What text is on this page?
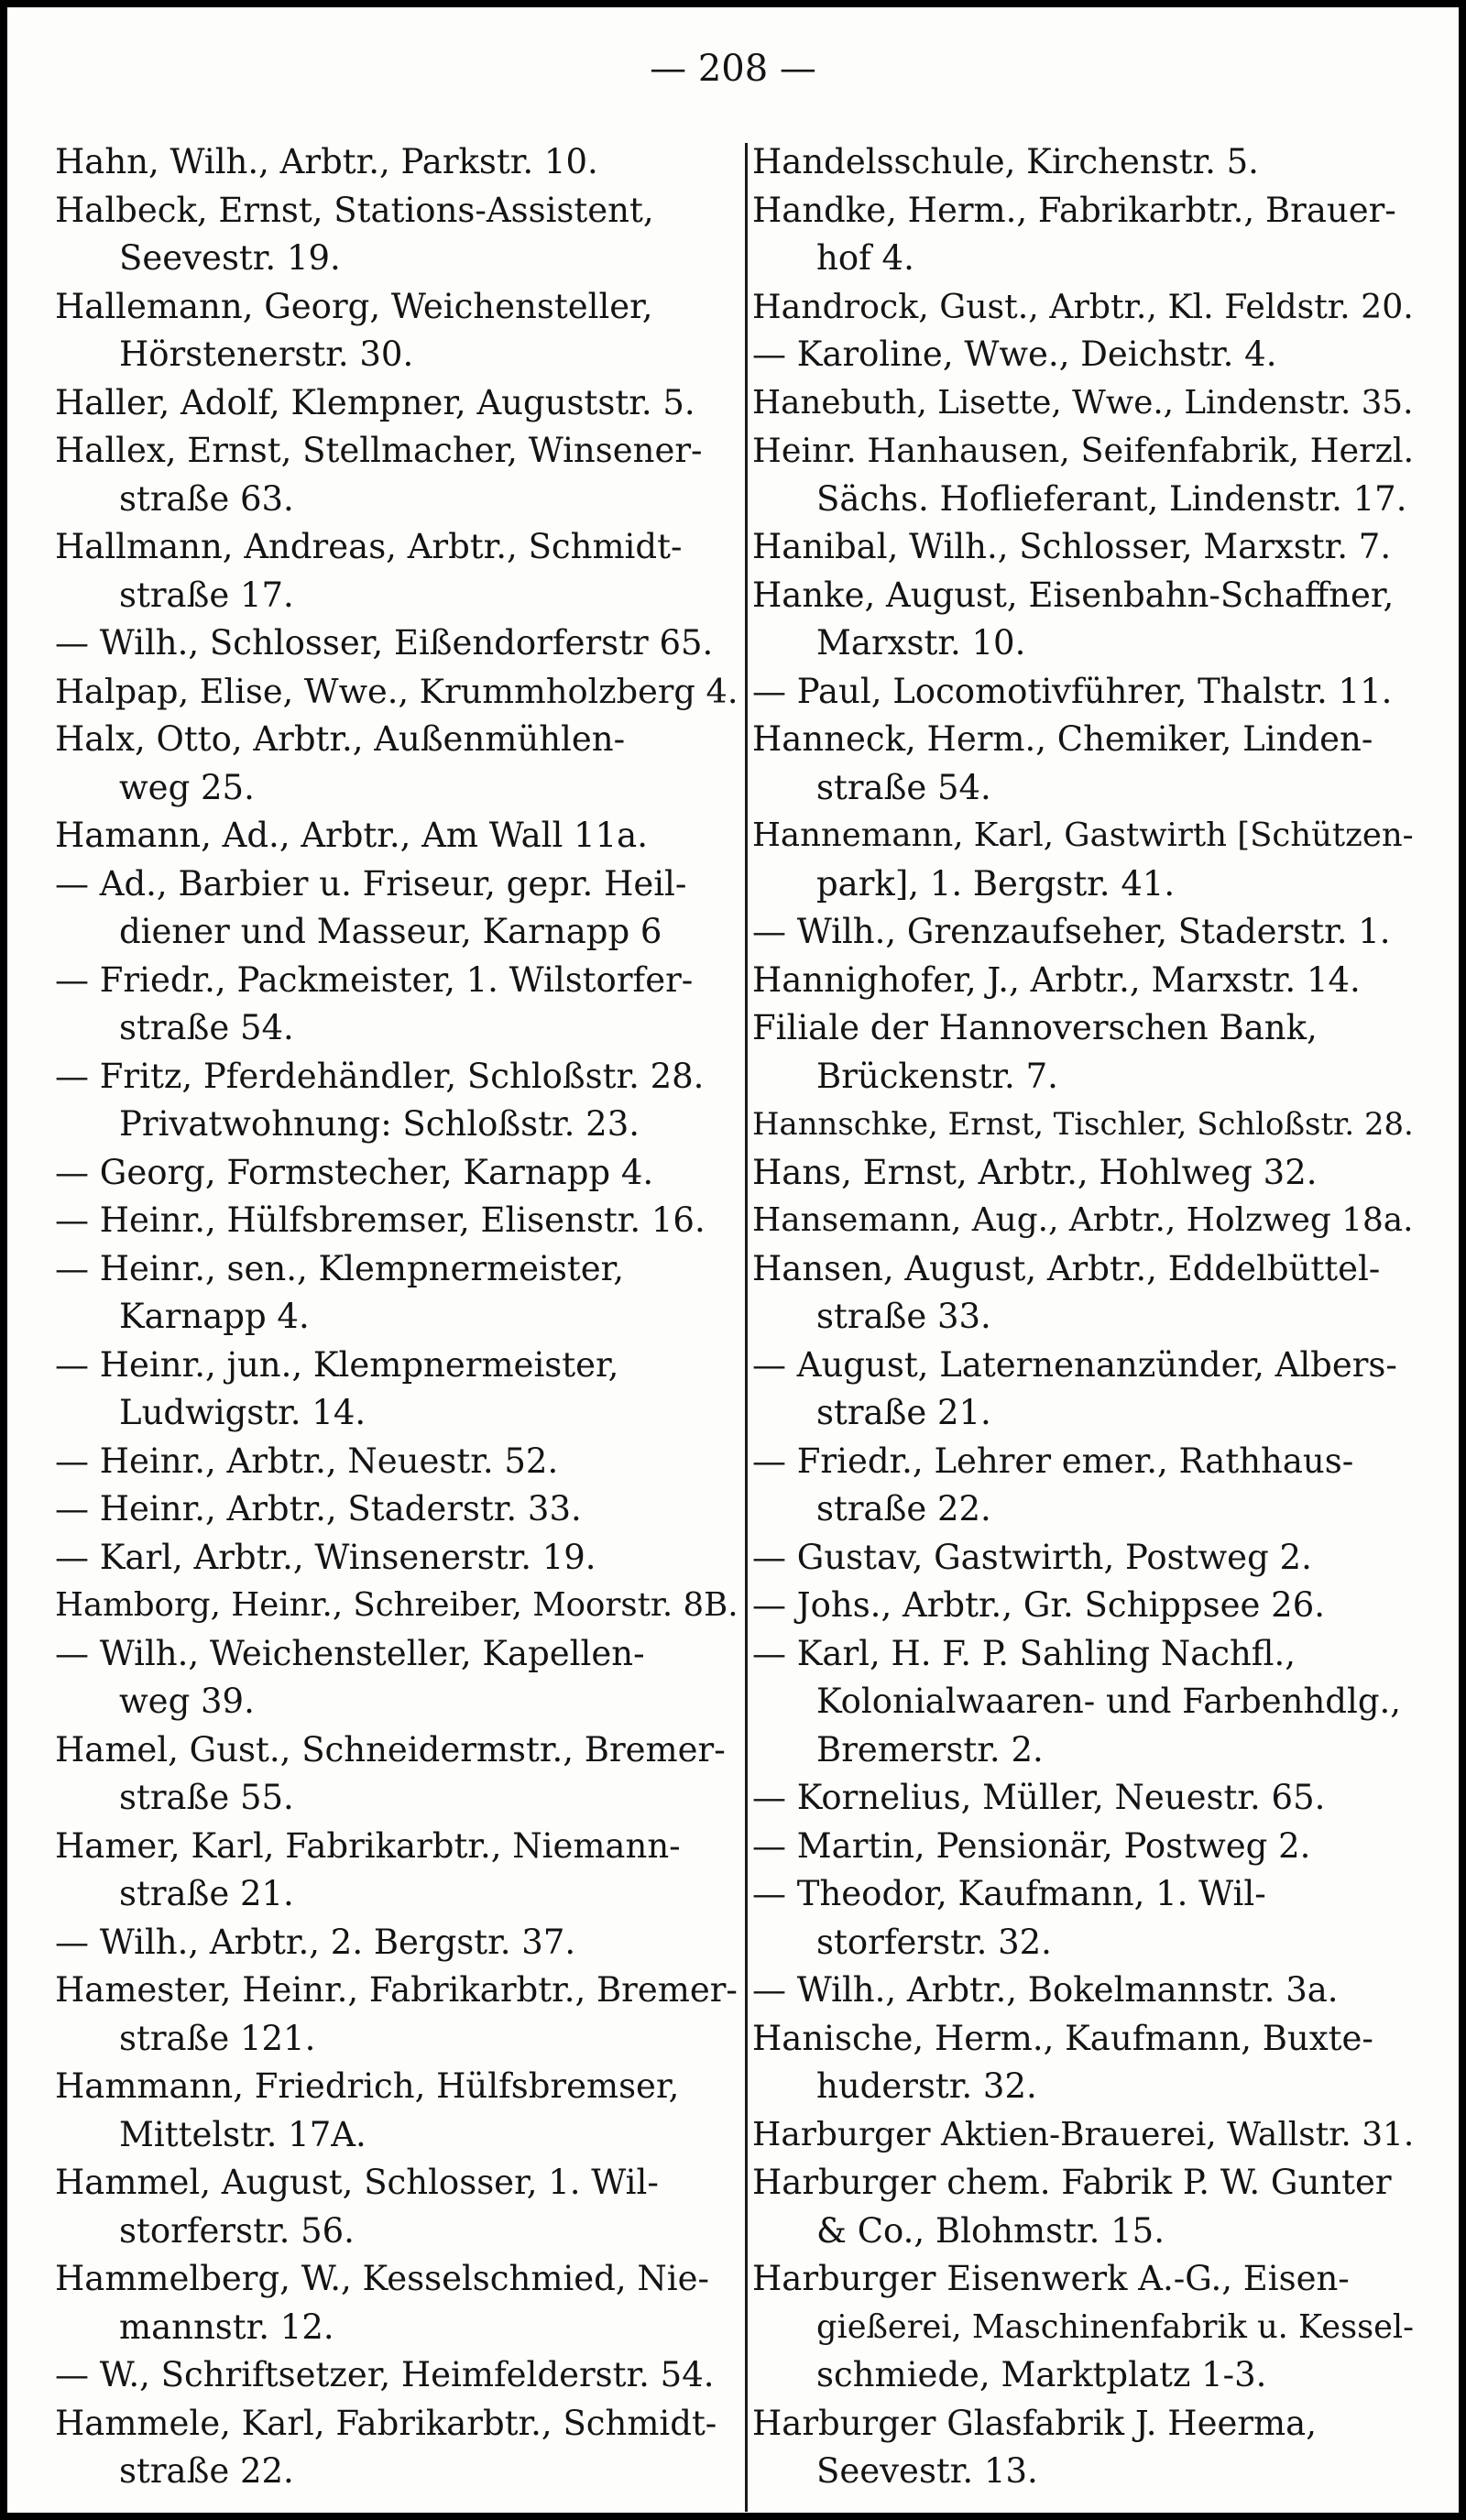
— 208 —
Hahn, Wilh., Arbtr., Parkstr. 10.
Halbeck, Ernst, Stations-Assistent,
Seevestr. 19.
Hallemann, Georg, Weichensteller,
Hörstenerstr. 30.
Haller, Adolf, Klempner, Auguststr. 5.
Hallex, Ernst, Stellmacher, Winsener-
straße 63.
Hallmann, Andreas, Arbtr., Schmidt-
straße 17.
— Wilh., Schlosser, Eißendorferstr 65.
Halpap, Elise, Wwe., Krummholzberg 4.
Halx, Otto, Arbtr., Außenmühlen-
weg 25.
Hamann, Ad., Arbtr., Am Wall 11a.
— Ad., Barbier u. Friseur, gepr. Heil-
diener und Masseur, Karnapp 6
— Friedr., Packmeister, 1. Wilstorfer-
straße 54.
— Fritz, Pferdehändler, Schloßstr. 28.
Privatwohnung: Schloßstr. 23.
— Georg, Formstecher, Karnapp 4.
— Heinr., Hülfsbremser, Elisenstr. 16.
— Heinr., sen., Klempnermeister,
Karnapp 4.
— Heinr., jun., Klempnermeister,
Ludwigstr. 14.
— Heinr., Arbtr., Neuestr. 52.
— Heinr., Arbtr., Staderstr. 33.
— Karl, Arbtr., Winsenerstr. 19.
Hamborg, Heinr., Schreiber, Moorstr. 8B.
— Wilh., Weichensteller, Kapellen-
weg 39.
Hamel, Gust., Schneidermstr., Bremer-
straße 55.
Hamer, Karl, Fabrikarbtr., Niemann-
straße 21.
— Wilh., Arbtr., 2. Bergstr. 37.
Hamester, Heinr., Fabrikarbtr., Bremer-
straße 121.
Hammann, Friedrich, Hülfsbremser,
Mittelstr. 17A.
Hammel, August, Schlosser, 1. Wil-
storferstr. 56.
Hammelberg, W., Kesselschmied, Nie-
mannstr. 12.
— W., Schriftsetzer, Heimfelderstr. 54.
Hammele, Karl, Fabrikarbtr., Schmidt-
straße 22.
Handelsschule, Kirchenstr. 5.
Handke, Herm., Fabrikarbtr., Brauer-
hof 4.
Handrock, Gust., Arbtr., Kl. Feldstr. 20.
— Karoline, Wwe., Deichstr. 4.
Hanebuth, Lisette, Wwe., Lindenstr. 35.
Heinr. Hanhausen, Seifenfabrik, Herzl.
Sächs. Hoflieferant, Lindenstr. 17.
Hanibal, Wilh., Schlosser, Marxstr. 7.
Hanke, August, Eisenbahn-Schaffner,
Marxstr. 10.
— Paul, Locomotivführer, Thalstr. 11.
Hanneck, Herm., Chemiker, Linden-
straße 54.
Hannemann, Karl, Gastwirth [Schützen-
park], 1. Bergstr. 41.
— Wilh., Grenzaufseher, Staderstr. 1.
Hannighofer, J., Arbtr., Marxstr. 14.
Filiale der Hannoverschen Bank,
Brückenstr. 7.
Hannschke, Ernst, Tischler, Schloßstr. 28.
Hans, Ernst, Arbtr., Hohlweg 32.
Hansemann, Aug., Arbtr., Holzweg 18a.
Hansen, August, Arbtr., Eddelbüttel-
straße 33.
— August, Laternenanzünder, Albers-
straße 21.
— Friedr., Lehrer emer., Rathhaus-
straße 22.
— Gustav, Gastwirth, Postweg 2.
— Johs., Arbtr., Gr. Schippsee 26.
— Karl, H. F. P. Sahling Nachfl.,
Kolonialwaaren- und Farbenhdlg.,
Bremerstr. 2.
— Kornelius, Müller, Neuestr. 65.
— Martin, Pensionär, Postweg 2.
— Theodor, Kaufmann, 1. Wil-
storferstr. 32.
— Wilh., Arbtr., Bokelmannstr. 3a.
Hanische, Herm., Kaufmann, Buxte-
huderstr. 32.
Harburger Aktien-Brauerei, Wallstr. 31.
Harburger chem. Fabrik P. W. Gunter
& Co., Blohmstr. 15.
Harburger Eisenwerk A.-G., Eisen-
gießerei, Maschinenfabrik u. Kessel-
schmiede, Marktplatz 1-3.
Harburger Glasfabrik J. Heerma,
Seevestr. 13.
